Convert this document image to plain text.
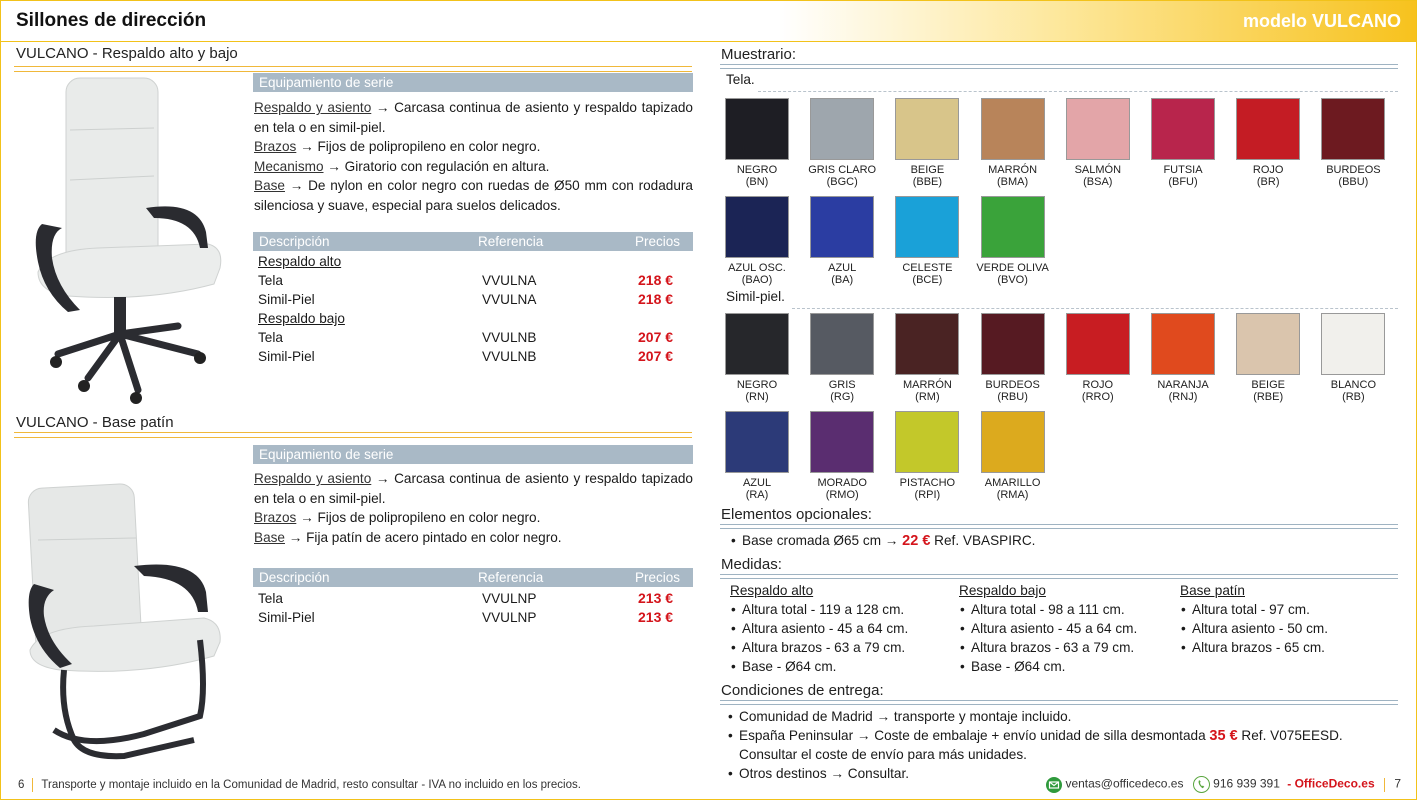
Sillones de dirección	modelo VULCANO
VULCANO - Respaldo alto y bajo
Equipamiento de serie
Respaldo y asiento → Carcasa continua de asiento y respaldo tapizado en tela o en simil-piel.
Brazos → Fijos de polipropileno en color negro.
Mecanismo → Giratorio con regulación en altura.
Base → De nylon en color negro con ruedas de Ø50 mm con rodadura silenciosa y suave, especial para suelos delicados.
Descripción	Referencia	Precios
Respaldo alto
Tela	VVULNA	218 €
Simil-Piel	VVULNA	218 €
Respaldo bajo
Tela	VVULNB	207 €
Simil-Piel	VVULNB	207 €
VULCANO - Base patín
Equipamiento de serie
Respaldo y asiento → Carcasa continua de asiento y respaldo tapizado en tela o en simil-piel.
Brazos → Fijos de polipropileno en color negro.
Base → Fija patín de acero pintado en color negro.
Descripción	Referencia	Precios
Tela	VVULNP	213 €
Simil-Piel	VVULNP	213 €
Muestrario:
Tela.
NEGRO
(BN)
GRIS CLARO
(BGC)
BEIGE
(BBE)
MARRÓN
(BMA)
SALMÓN
(BSA)
FUTSIA
(BFU)
ROJO
(BR)
BURDEOS
(BBU)
AZUL OSC.
(BAO)
AZUL
(BA)
CELESTE
(BCE)
VERDE OLIVA
(BVO)
Simil-piel.
NEGRO
(RN)
GRIS
(RG)
MARRÓN
(RM)
BURDEOS
(RBU)
ROJO
(RRO)
NARANJA
(RNJ)
BEIGE
(RBE)
BLANCO
(RB)
AZUL
(RA)
MORADO
(RMO)
PISTACHO
(RPI)
AMARILLO
(RMA)
Elementos opcionales:
• Base cromada Ø65 cm → 22 € Ref. VBASPIRC.
Medidas:
Respaldo alto
• Altura total - 119 a 128 cm.
• Altura asiento - 45 a 64 cm.
• Altura brazos - 63 a 79 cm.
• Base - Ø64 cm.
Respaldo bajo
• Altura total - 98 a 111 cm.
• Altura asiento - 45 a 64 cm.
• Altura brazos - 63 a 79 cm.
• Base - Ø64 cm.
Base patín
• Altura total - 97 cm.
• Altura asiento - 50 cm.
• Altura brazos - 65 cm.
Condiciones de entrega:
• Comunidad de Madrid → transporte y montaje incluido.
• España Peninsular → Coste de embalaje + envío unidad de silla desmontada 35 € Ref. V075EESD.
Consultar el coste de envío para más unidades.
• Otros destinos → Consultar.
6 Transporte y montaje incluido en la Comunidad de Madrid, resto consultar - IVA no incluido en los precios.	ventas@officedeco.es 916 939 391 - OfficeDeco.es 7
